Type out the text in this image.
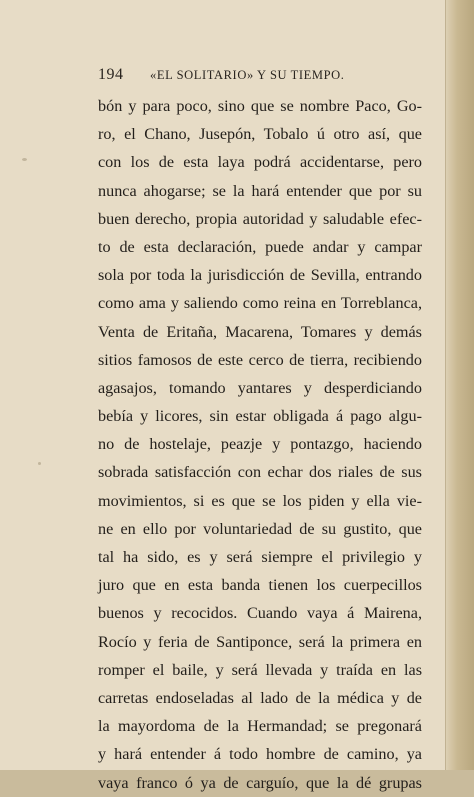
194 «EL SOLITARIO» Y SU TIEMPO.
bón y para poco, sino que se nombre Paco, Go-
ro, el Chano, Jusepón, Tobalo ú otro así, que
con los de esta laya podrá accidentarse, pero
nunca ahogarse; se la hará entender que por su
buen derecho, propia autoridad y saludable efec-
to de esta declaración, puede andar y campar
sola por toda la jurisdicción de Sevilla, entrando
como ama y saliendo como reina en Torreblanca,
Venta de Eritaña, Macarena, Tomares y demás
sitios famosos de este cerco de tierra, recibiendo
agasajos, tomando yantares y desperdiciando
bebía y licores, sin estar obligada á pago algu-
no de hostelaje, peazje y pontazgo, haciendo
sobrada satisfacción con echar dos riales de sus
movimientos, si es que se los piden y ella vie-
ne en ello por voluntariedad de su gustito, que
tal ha sido, es y será siempre el privilegio y
juro que en esta banda tienen los cuerpecillos
buenos y recocidos. Cuando vaya á Mairena,
Rocío y feria de Santiponce, será la primera en
romper el baile, y será llevada y traída en las
carretas endoseladas al lado de la médica y de
la mayordoma de la Hermandad; se pregonará
y hará entender á todo hombre de camino, ya
vaya franco ó ya de carguío, que la dé grupas
